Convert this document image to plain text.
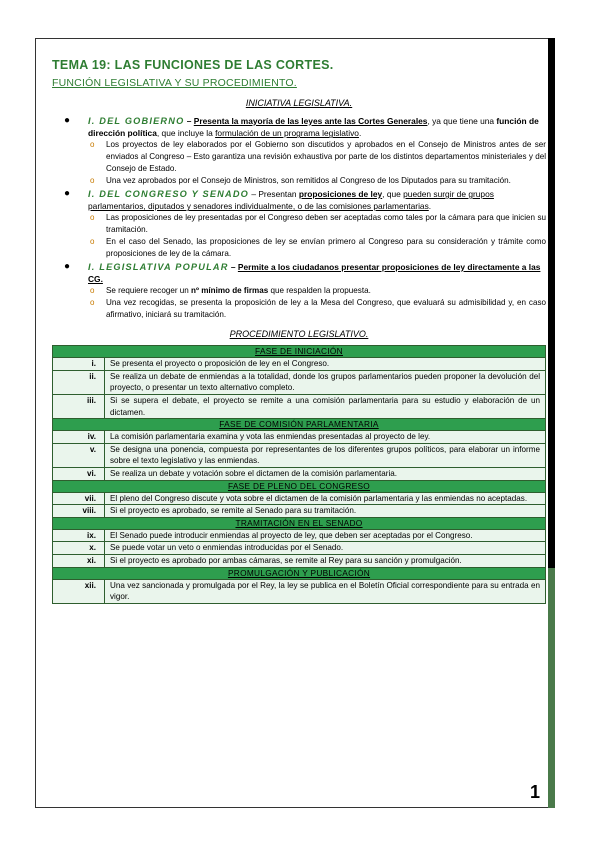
TEMA 19: LAS FUNCIONES DE LAS CORTES.
FUNCIÓN LEGISLATIVA Y SU PROCEDIMIENTO.
INICIATIVA LEGISLATIVA.
● I. DEL GOBIERNO – Presenta la mayoría de las leyes ante las Cortes Generales, ya que tiene una función de dirección política, que incluye la formulación de un programa legislativo.
o Los proyectos de ley elaborados por el Gobierno son discutidos y aprobados en el Consejo de Ministros antes de ser enviados al Congreso – Esto garantiza una revisión exhaustiva por parte de los distintos departamentos ministeriales y del Consejo de Estado.
o Una vez aprobados por el Consejo de Ministros, son remitidos al Congreso de los Diputados para su tramitación.
● I. DEL CONGRESO Y SENADO – Presentan proposiciones de ley, que pueden surgir de grupos parlamentarios, diputados y senadores individualmente, o de las comisiones parlamentarias.
o Las proposiciones de ley presentadas por el Congreso deben ser aceptadas como tales por la cámara para que inicien su tramitación.
o En el caso del Senado, las proposiciones de ley se envían primero al Congreso para su consideración y trámite como proposiciones de ley de la cámara.
● I. LEGISLATIVA POPULAR – Permite a los ciudadanos presentar proposiciones de ley directamente a las CG.
o Se requiere recoger un nº mínimo de firmas que respalden la propuesta.
o Una vez recogidas, se presenta la proposición de ley a la Mesa del Congreso, que evaluará su admisibilidad y, en caso afirmativo, iniciará su tramitación.
PROCEDIMIENTO LEGISLATIVO.
FASE DE INICIACIÓN	
i.	Se presenta el proyecto o proposición de ley en el Congreso.
ii.	Se realiza un debate de enmiendas a la totalidad, donde los grupos parlamentarios pueden proponer la devolución del proyecto, o presentar un texto alternativo completo.
iii.	Si se supera el debate, el proyecto se remite a una comisión parlamentaria para su estudio y elaboración de un dictamen.
FASE DE COMISIÓN PARLAMENTARIA	
iv.	La comisión parlamentaria examina y vota las enmiendas presentadas al proyecto de ley.
v.	Se designa una ponencia, compuesta por representantes de los diferentes grupos políticos, para elaborar un informe sobre el texto legislativo y las enmiendas.
vi.	Se realiza un debate y votación sobre el dictamen de la comisión parlamentaria.
FASE DE PLENO DEL CONGRESO	
vii.	El pleno del Congreso discute y vota sobre el dictamen de la comisión parlamentaria y las enmiendas no aceptadas.
viii.	Si el proyecto es aprobado, se remite al Senado para su tramitación.
TRAMITACIÓN EN EL SENADO	
ix.	El Senado puede introducir enmiendas al proyecto de ley, que deben ser aceptadas por el Congreso.
x.	Se puede votar un veto o enmiendas introducidas por el Senado.
xi.	Si el proyecto es aprobado por ambas cámaras, se remite al Rey para su sanción y promulgación.
PROMULGACIÓN Y PUBLICACIÓN	
xii.	Una vez sancionada y promulgada por el Rey, la ley se publica en el Boletín Oficial correspondiente para su entrada en vigor.
1
